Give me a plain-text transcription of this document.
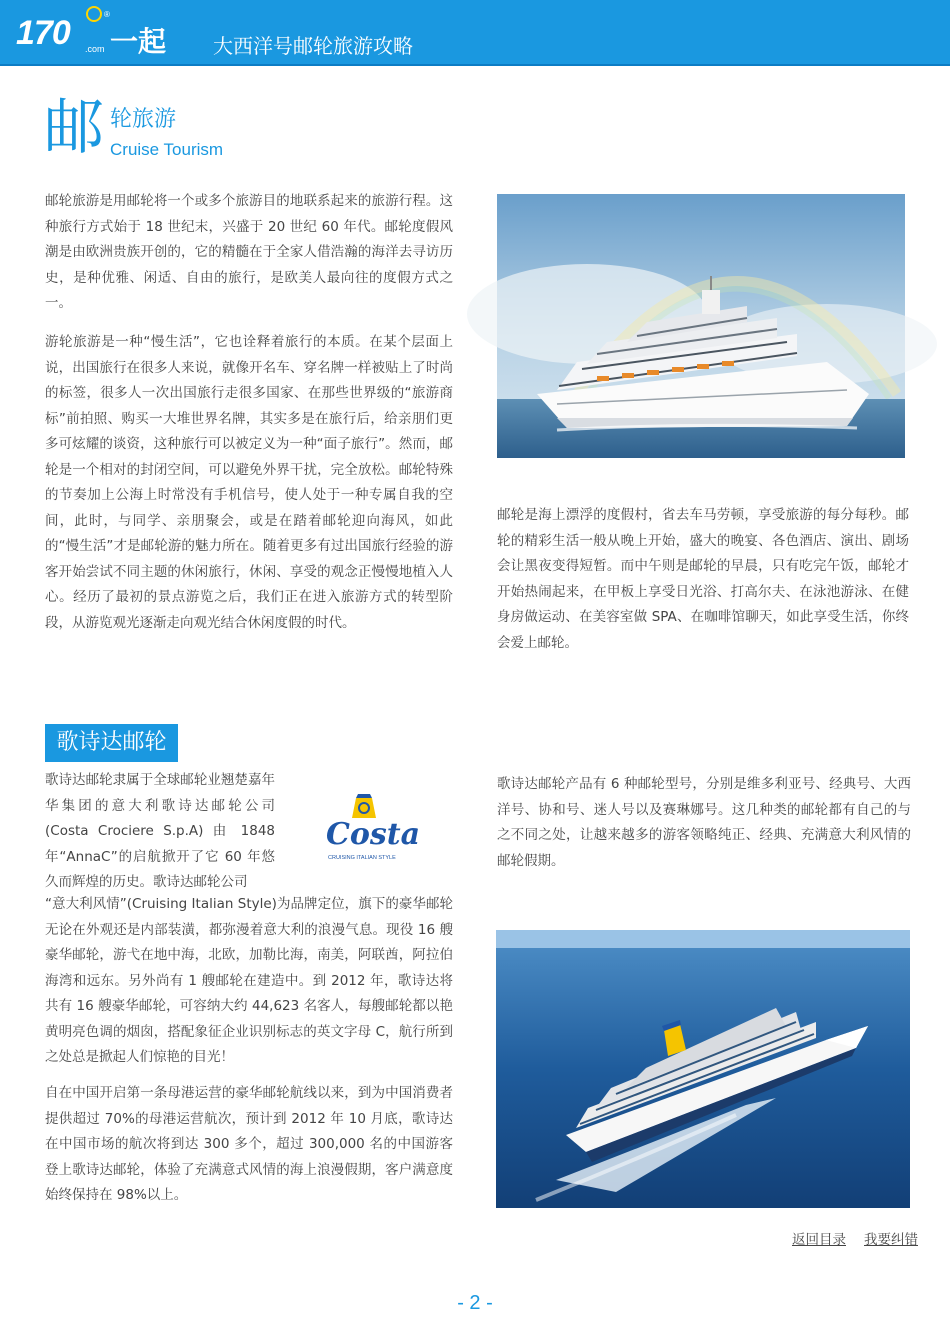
170	®
.com 一起游
大西洋号邮轮旅游攻略
邮 轮旅游
Cruise Tourism

邮轮旅游是用邮轮将一个或多个旅游目的地联系起来的旅游行程。这种旅行方式始于 18 世纪末，兴盛于 20 世纪 60 年代。邮轮度假风潮是由欧洲贵族开创的，它的精髓在于全家人借浩瀚的海洋去寻访历史，是种优雅、闲适、自由的旅行，是欧美人最向往的度假方式之一。

游轮旅游是一种“慢生活”，它也诠释着旅行的本质。在某个层面上说，出国旅行在很多人来说，就像开名车、穿名牌一样被贴上了时尚的标签，很多人一次出国旅行走很多国家、在那些世界级的“旅游商标”前拍照、购买一大堆世界名牌，其实多是在旅行后，给亲朋们更多可炫耀的谈资，这种旅行可以被定义为一种“面子旅行”。然而，邮轮是一个相对的封闭空间，可以避免外界干扰，完全放松。邮轮特殊的节奏加上公海上时常没有手机信号，使人处于一种专属自我的空间，此时，与同学、亲朋聚会，或是在踏着邮轮迎向海风，如此的“慢生活”才是邮轮游的魅力所在。随着更多有过出国旅行经验的游客开始尝试不同主题的休闲旅行，休闲、享受的观念正慢慢地植入人心。经历了最初的景点游览之后，我们正在进入旅游方式的转型阶段，从游览观光逐渐走向观光结合休闲度假的时代。

邮轮是海上漂浮的度假村，省去车马劳顿，享受旅游的每分每秒。邮轮的精彩生活一般从晚上开始，盛大的晚宴、各色酒店、演出、剧场会让黑夜变得短暂。而中午则是邮轮的早晨，只有吃完午饭，邮轮才开始热闹起来，在甲板上享受日光浴、打高尔夫、在泳池游泳、在健身房做运动、在美容室做 SPA、在咖啡馆聊天，如此享受生活，你终会爱上邮轮。

歌诗达邮轮

歌诗达邮轮隶属于全球邮轮业翘楚嘉年华集团的意大利歌诗达邮轮公司(Costa Crociere S.p.A) 由 1848 年“AnnaC”的启航掀开了它 60 年悠久而辉煌的历史。歌诗达邮轮公司

Costa
CRUISING ITALIAN STYLE

“意大利风情”(Cruising Italian Style)为品牌定位，旗下的豪华邮轮无论在外观还是内部装潢，都弥漫着意大利的浪漫气息。现役 16 艘豪华邮轮，游弋在地中海，北欧，加勒比海，南美，阿联酋，阿拉伯海湾和远东。另外尚有 1 艘邮轮在建造中。到 2012 年，歌诗达将共有 16 艘豪华邮轮，可容纳大约 44,623 名客人，每艘邮轮都以艳黄明亮色调的烟囱，搭配象征企业识别标志的英文字母 C，航行所到之处总是掀起人们惊艳的目光！

自在中国开启第一条母港运营的豪华邮轮航线以来，到为中国消费者提供超过 70%的母港运营航次，预计到 2012 年 10 月底，歌诗达在中国市场的航次将到达 300 多个，超过 300,000 名的中国游客登上歌诗达邮轮，体验了充满意式风情的海上浪漫假期，客户满意度始终保持在 98%以上。

歌诗达邮轮产品有 6 种邮轮型号，分别是维多利亚号、经典号、大西洋号、协和号、迷人号以及赛琳娜号。这几种类的邮轮都有自己的与之不同之处，让越来越多的游客领略纯正、经典、充满意大利风情的邮轮假期。

返回目录 我要纠错
- 2 -
